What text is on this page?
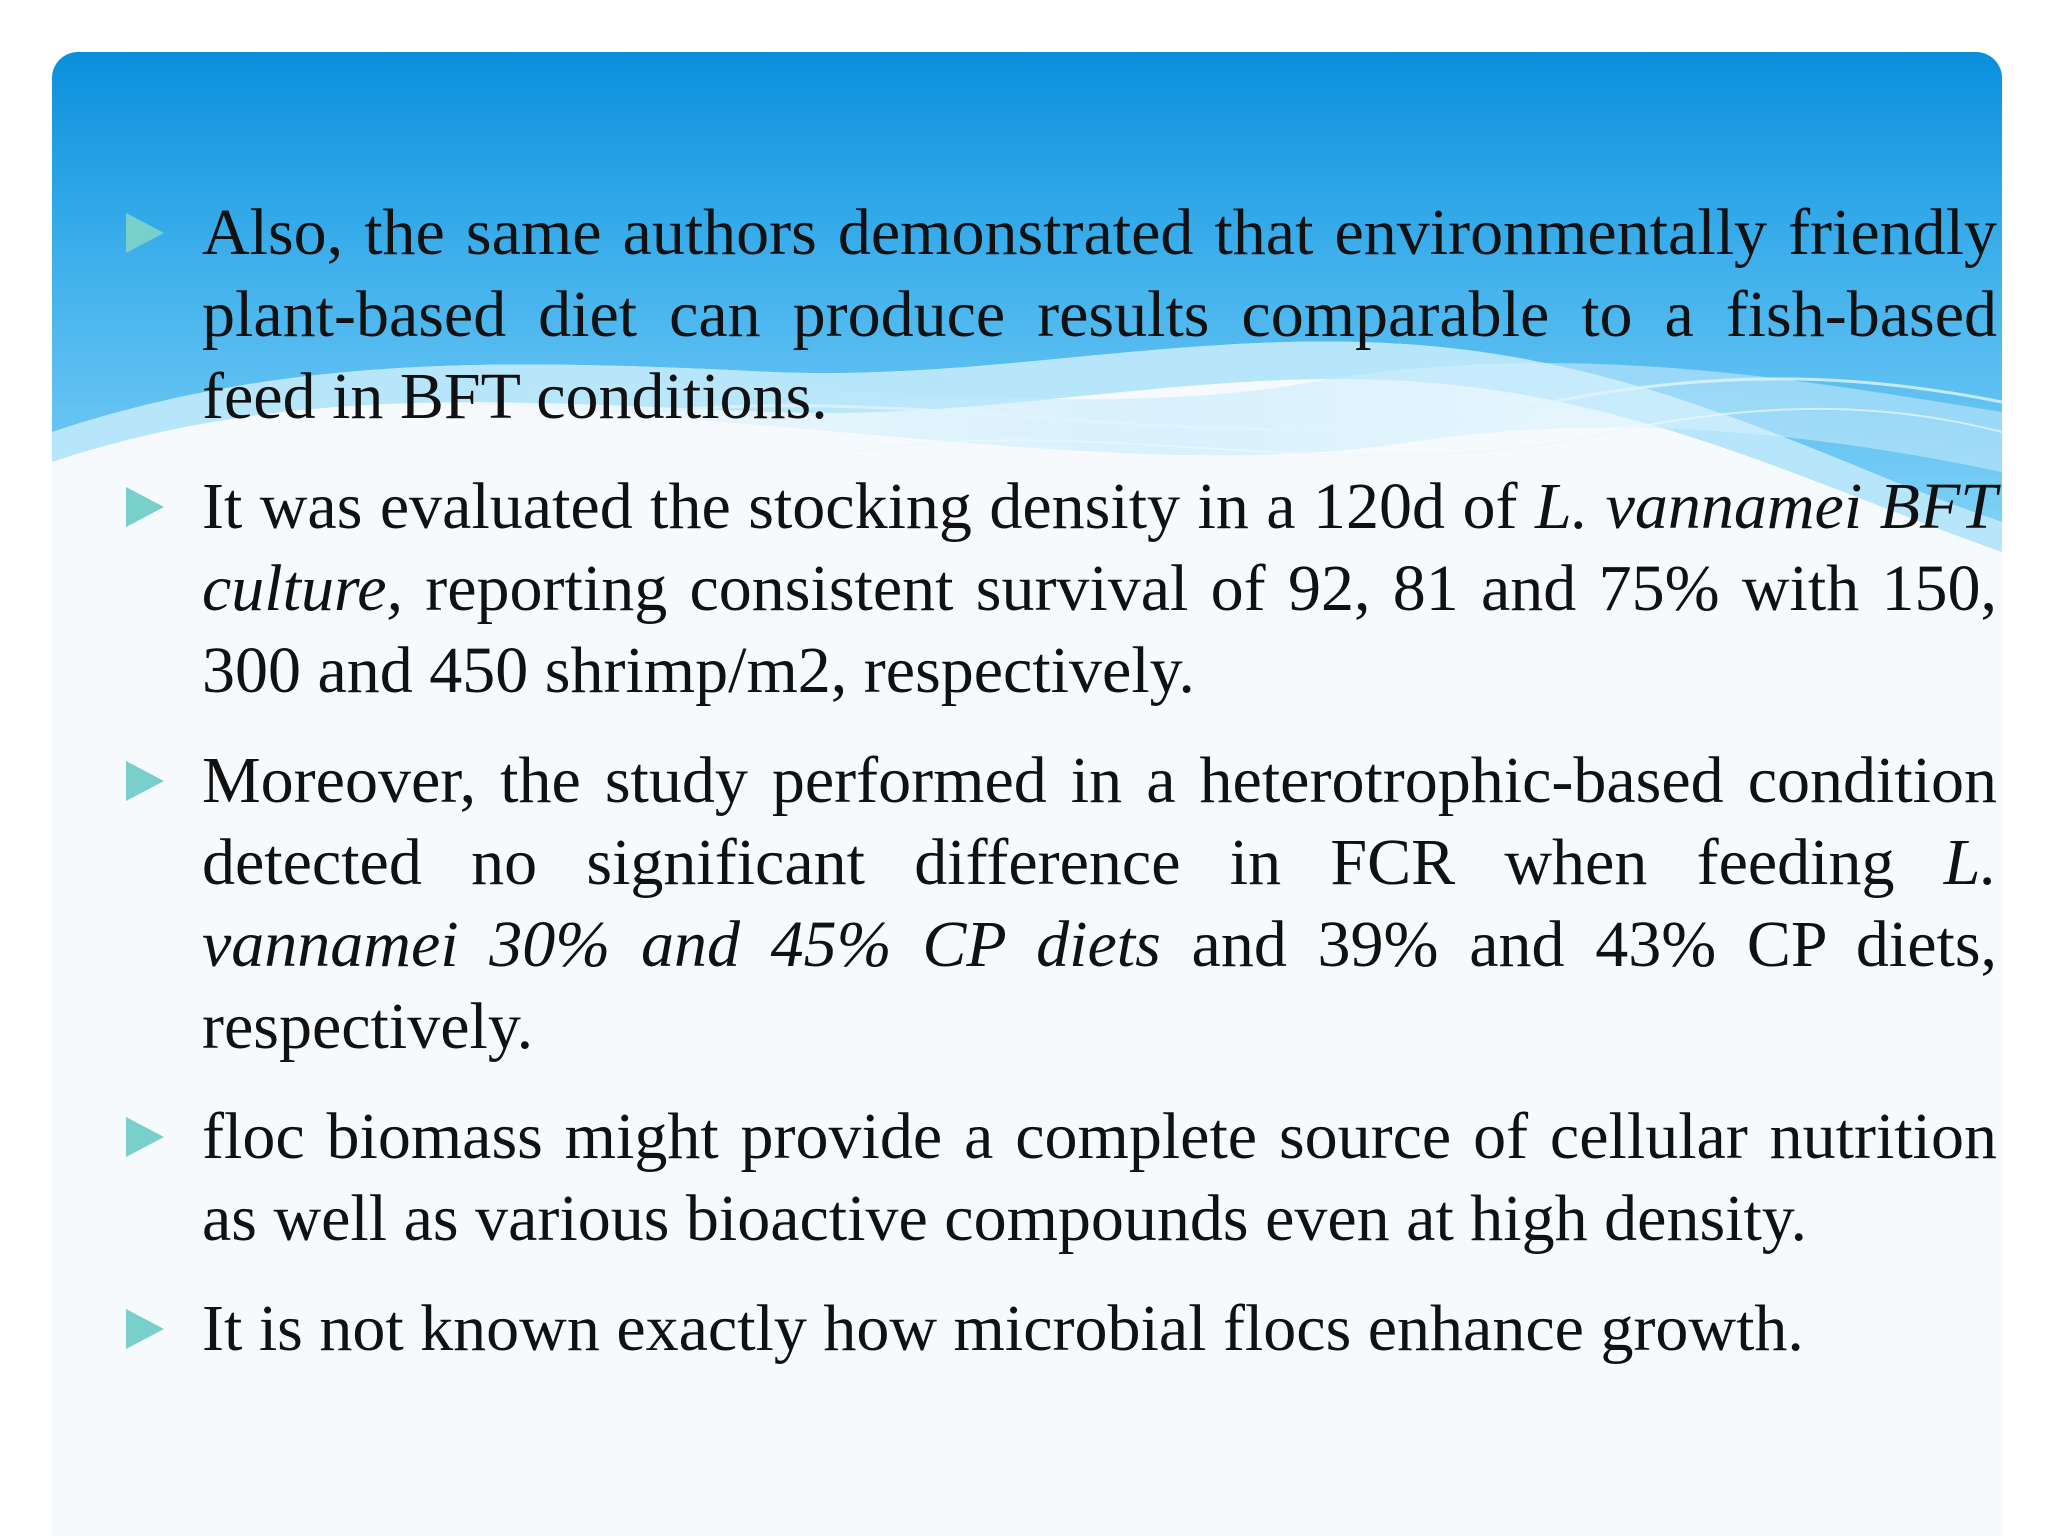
Also, the same authors demonstrated that environmentally friendly plant-based diet can produce results comparable to a fish-based feed in BFT conditions.

It was evaluated the stocking density in a 120d of L. vannamei BFT culture, reporting consistent survival of 92, 81 and 75% with 150, 300 and 450 shrimp/m2, respectively.

Moreover, the study performed in a heterotrophic-based condition detected no significant difference in FCR when feeding L. vannamei 30% and 45% CP diets and 39% and 43% CP diets, respectively.

floc biomass might provide a complete source of cellular nutrition as well as various bioactive compounds even at high density.

It is not known exactly how microbial flocs enhance growth.
